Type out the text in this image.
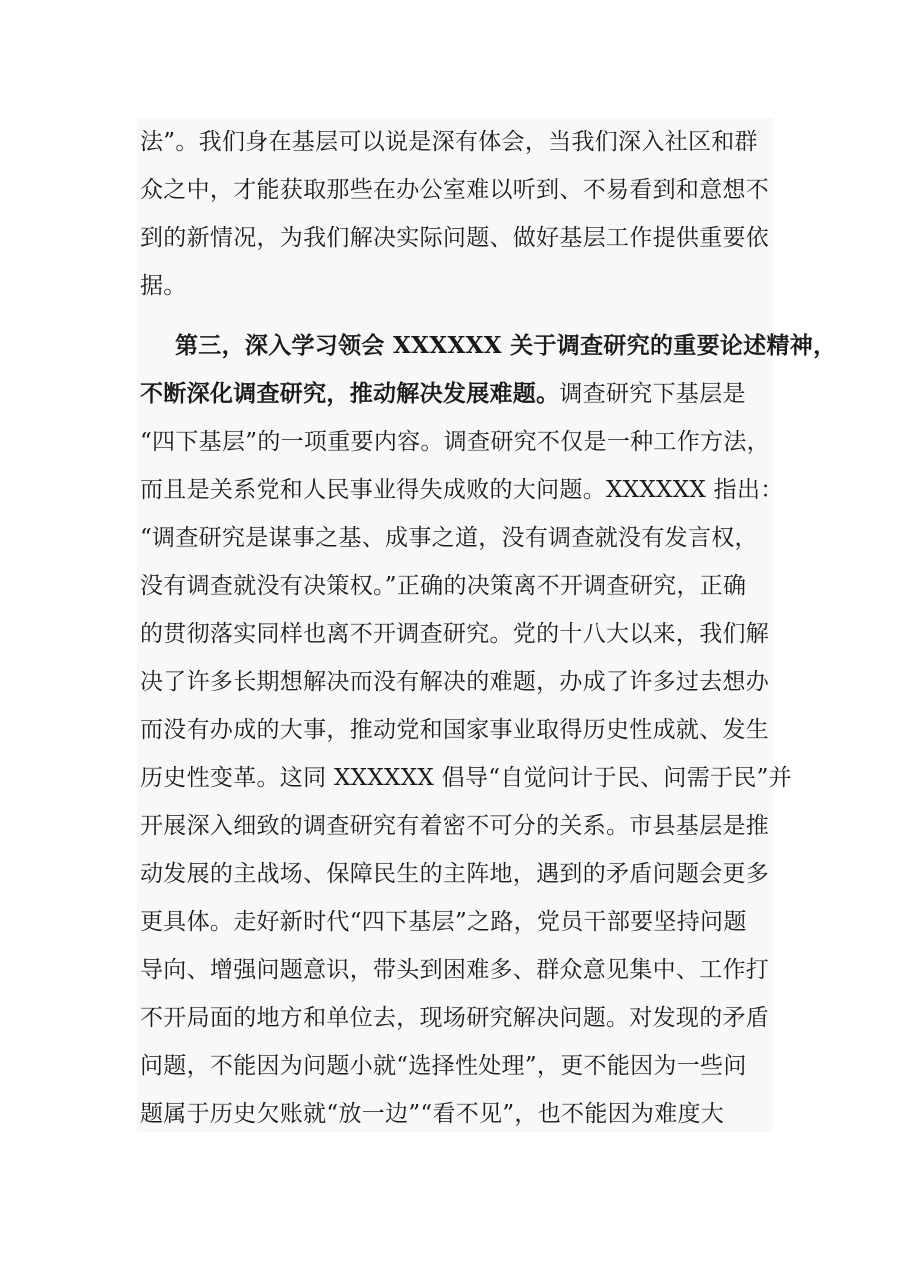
法”。我们身在基层可以说是深有体会，当我们深入社区和群
众之中，才能获取那些在办公室难以听到、不易看到和意想不
到的新情况，为我们解决实际问题、做好基层工作提供重要依
据。
第三，深入学习领会 XXXXXX 关于调查研究的重要论述精神，
不断深化调查研究，推动解决发展难题。调查研究下基层是
“四下基层”的一项重要内容。调查研究不仅是一种工作方法，
而且是关系党和人民事业得失成败的大问题。XXXXXX 指出：
“调查研究是谋事之基、成事之道，没有调查就没有发言权，
没有调查就没有决策权。”正确的决策离不开调查研究，正确
的贯彻落实同样也离不开调查研究。党的十八大以来，我们解
决了许多长期想解决而没有解决的难题，办成了许多过去想办
而没有办成的大事，推动党和国家事业取得历史性成就、发生
历史性变革。这同 XXXXXX 倡导“自觉问计于民、问需于民”并
开展深入细致的调查研究有着密不可分的关系。市县基层是推
动发展的主战场、保障民生的主阵地，遇到的矛盾问题会更多
更具体。走好新时代“四下基层”之路，党员干部要坚持问题
导向、增强问题意识，带头到困难多、群众意见集中、工作打
不开局面的地方和单位去，现场研究解决问题。对发现的矛盾
问题，不能因为问题小就“选择性处理”，更不能因为一些问
题属于历史欠账就“放一边”“看不见”，也不能因为难度大
